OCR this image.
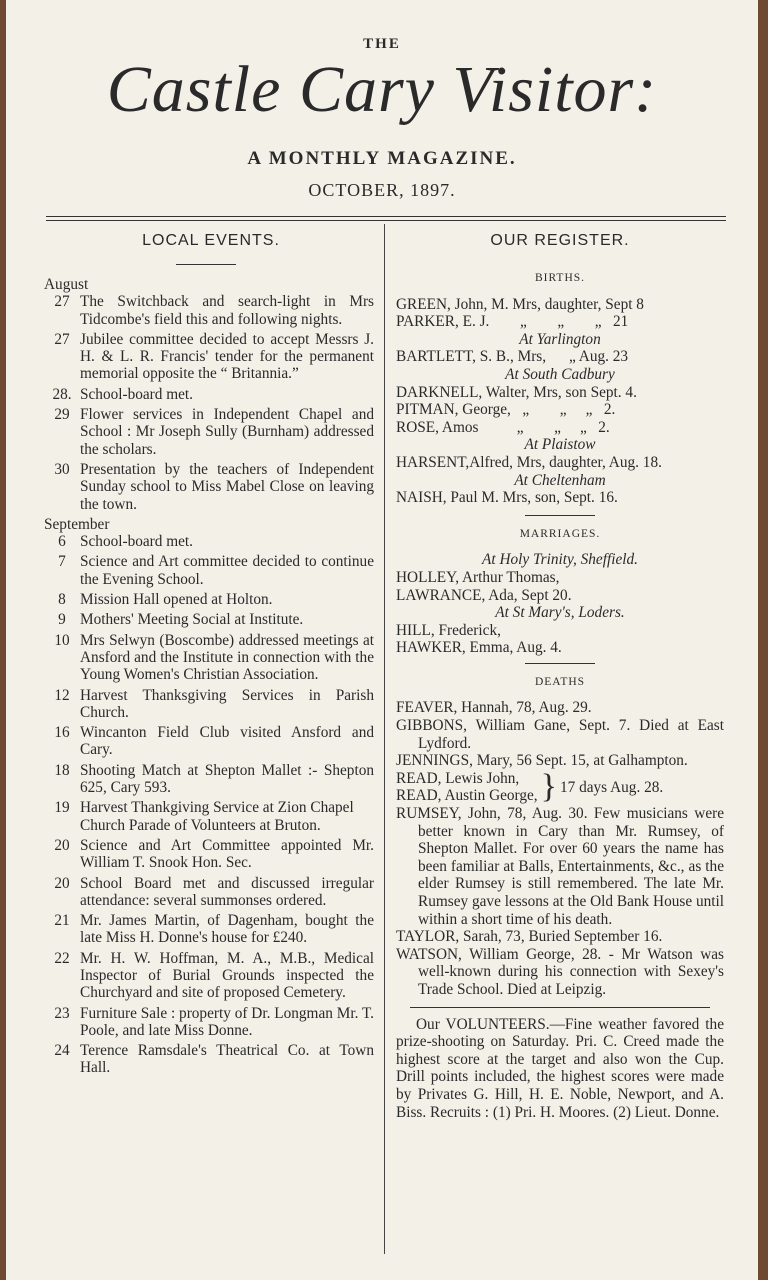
THE
Castle Cary Visitor:
A MONTHLY MAGAZINE.
OCTOBER, 1897.
LOCAL EVENTS.	OUR REGISTER.
August
27 The Switchback and search-light in Mrs Tidcombe's field this and following nights.
27 Jubilee committee decided to accept Messrs J. H. & L. R. Francis' tender for the permanent memorial opposite the “ Britannia.”
28. School-board met.
29 Flower services in Independent Chapel and School : Mr Joseph Sully (Burnham) addressed the scholars.
30 Presentation by the teachers of Independent Sunday school to Miss Mabel Close on leaving the town.
September
6 School-board met.
7 Science and Art committee decided to continue the Evening School.
8 Mission Hall opened at Holton.
9 Mothers' Meeting Social at Institute.
10 Mrs Selwyn (Boscombe) addressed meetings at Ansford and the Institute in connection with the Young Women's Christian Association.
12 Harvest Thanksgiving Services in Parish Church.
16 Wincanton Field Club visited Ansford and Cary.
18 Shooting Match at Shepton Mallet :- Shepton 625, Cary 593.
19 Harvest Thankgiving Service at Zion Chapel
Church Parade of Volunteers at Bruton.
20 Science and Art Committee appointed Mr. William T. Snook Hon. Sec.
20 School Board met and discussed irregular attendance: several summonses ordered.
21 Mr. James Martin, of Dagenham, bought the late Miss H. Donne's house for £240.
22 Mr. H. W. Hoffman, M. A., M.B., Medical Inspector of Burial Grounds inspected the Churchyard and site of proposed Cemetery.
23 Furniture Sale : property of Dr. Longman Mr. T. Poole, and late Miss Donne.
24 Terence Ramsdale's Theatrical Co. at Town Hall.
BIRTHS.
GREEN, John, M. Mrs, daughter, Sept 8
PARKER, E. J.        „        „        „   21
At Yarlington
BARTLETT, S. B., Mrs,      „ Aug. 23
At South Cadbury
DARKNELL, Walter, Mrs, son Sept. 4.
PITMAN, George,   „        „     „   2.
ROSE, Amos          „        „     „   2.
At Plaistow
HARSENT,Alfred, Mrs, daughter, Aug. 18.
At Cheltenham
NAISH, Paul M. Mrs, son, Sept. 16.
MARRIAGES.
At Holy Trinity, Sheffield.
HOLLEY, Arthur Thomas,
LAWRANCE, Ada, Sept 20.
At St Mary's, Loders.
HILL, Frederick,
HAWKER, Emma, Aug. 4.
DEATHS
FEAVER, Hannah, 78, Aug. 29.
GIBBONS, William Gane, Sept. 7. Died at East Lydford.
JENNINGS, Mary, 56 Sept. 15, at Galhampton.
READ, Lewis John,
READ, Austin George, } 17 days Aug. 28.
RUMSEY, John, 78, Aug. 30. Few musicians were better known in Cary than Mr. Rumsey, of Shepton Mallet. For over 60 years the name has been familiar at Balls, Entertainments, &c., as the elder Rumsey is still remembered. The late Mr. Rumsey gave lessons at the Old Bank House until within a short time of his death.
TAYLOR, Sarah, 73, Buried September 16.
WATSON, William George, 28. - Mr Watson was well-known during his connection with Sexey's Trade School. Died at Leipzig.
Our VOLUNTEERS.—Fine weather favored the prize-shooting on Saturday. Pri. C. Creed made the highest score at the target and also won the Cup. Drill points included, the highest scores were made by Privates G. Hill, H. E. Noble, Newport, and A. Biss. Recruits : (1) Pri. H. Moores. (2) Lieut. Donne.
